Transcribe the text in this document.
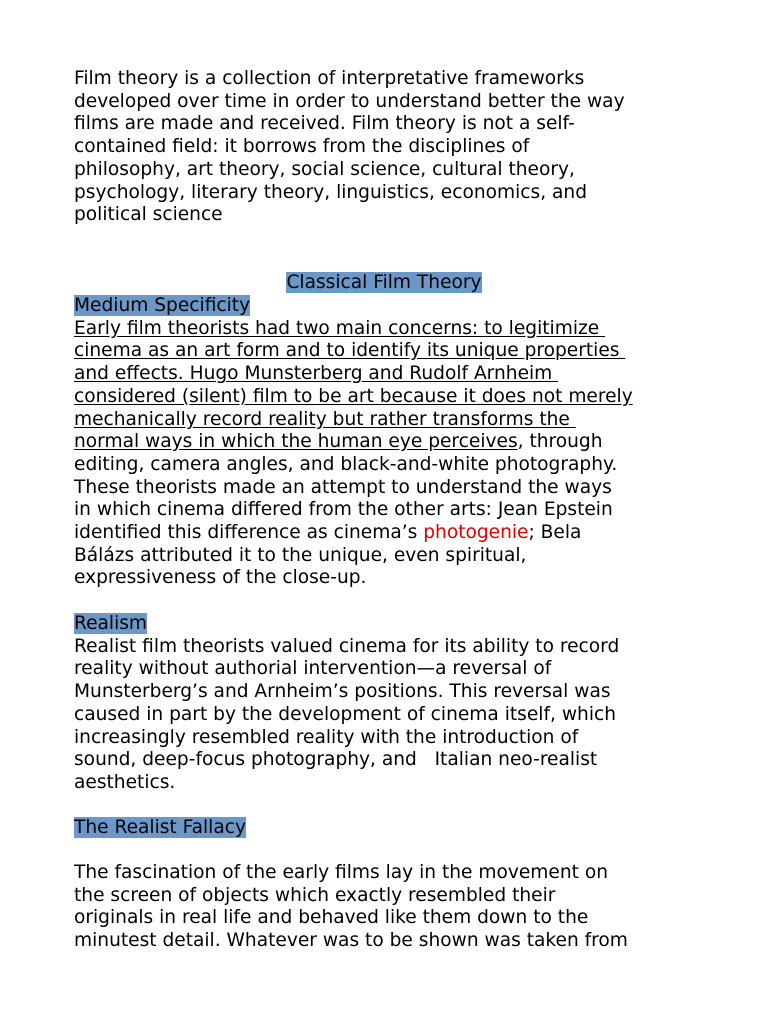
Film theory is a collection of interpretative frameworks
developed over time in order to understand better the way
films are made and received. Film theory is not a self-
contained field: it borrows from the disciplines of
philosophy, art theory, social science, cultural theory,
psychology, literary theory, linguistics, economics, and
political science
Classical Film Theory
Medium Specificity
Early film theorists had two main concerns: to legitimize
cinema as an art form and to identify its unique properties
and effects. Hugo Munsterberg and Rudolf Arnheim
considered (silent) film to be art because it does not merely
mechanically record reality but rather transforms the
normal ways in which the human eye perceives, through
editing, camera angles, and black-and-white photography.
These theorists made an attempt to understand the ways
in which cinema differed from the other arts: Jean Epstein
identified this difference as cinema’s photogenie; Bela
Bálázs attributed it to the unique, even spiritual,
expressiveness of the close-up.
Realism
Realist film theorists valued cinema for its ability to record
reality without authorial intervention—a reversal of
Munsterberg’s and Arnheim’s positions. This reversal was
caused in part by the development of cinema itself, which
increasingly resembled reality with the introduction of
sound, deep-focus photography, and   Italian neo-realist
aesthetics.
The Realist Fallacy
The fascination of the early films lay in the movement on
the screen of objects which exactly resembled their
originals in real life and behaved like them down to the
minutest detail. Whatever was to be shown was taken from
